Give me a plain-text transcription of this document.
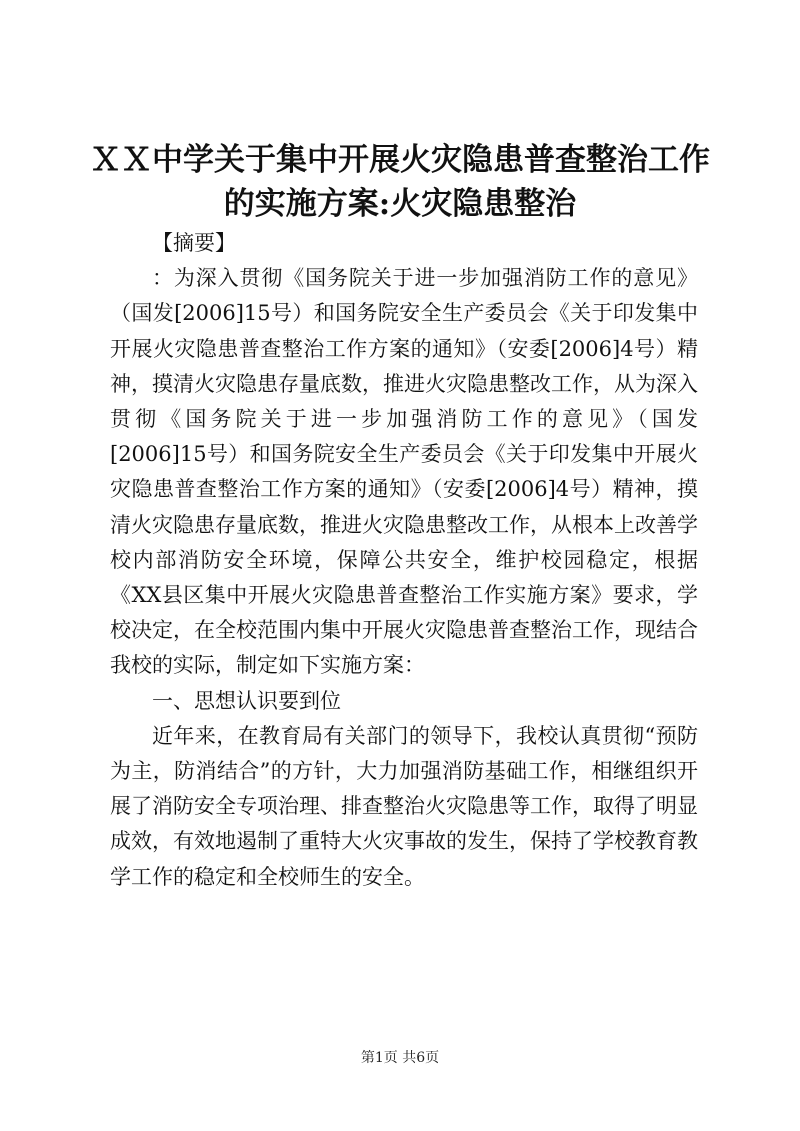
ＸＸ中学关于集中开展火灾隐患普查整治工作
的实施方案:火灾隐患整治

【摘要】

：为深入贯彻《国务院关于进一步加强消防工作的意见》（国发[2006]15号）和国务院安全生产委员会《关于印发集中开展火灾隐患普查整治工作方案的通知》（安委[2006]4号）精神，摸清火灾隐患存量底数，推进火灾隐患整改工作，从为深入贯彻《国务院关于进一步加强消防工作的意见》（国发[2006]15号）和国务院安全生产委员会《关于印发集中开展火灾隐患普查整治工作方案的通知》（安委[2006]4号）精神，摸清火灾隐患存量底数，推进火灾隐患整改工作，从根本上改善学校内部消防安全环境，保障公共安全，维护校园稳定，根据《XX县区集中开展火灾隐患普查整治工作实施方案》要求，学校决定，在全校范围内集中开展火灾隐患普查整治工作，现结合我校的实际，制定如下实施方案：

一、思想认识要到位

近年来，在教育局有关部门的领导下，我校认真贯彻“预防为主，防消结合”的方针，大力加强消防基础工作，相继组织开展了消防安全专项治理、排查整治火灾隐患等工作，取得了明显成效，有效地遏制了重特大火灾事故的发生，保持了学校教育教学工作的稳定和全校师生的安全。

第1页 共6页
